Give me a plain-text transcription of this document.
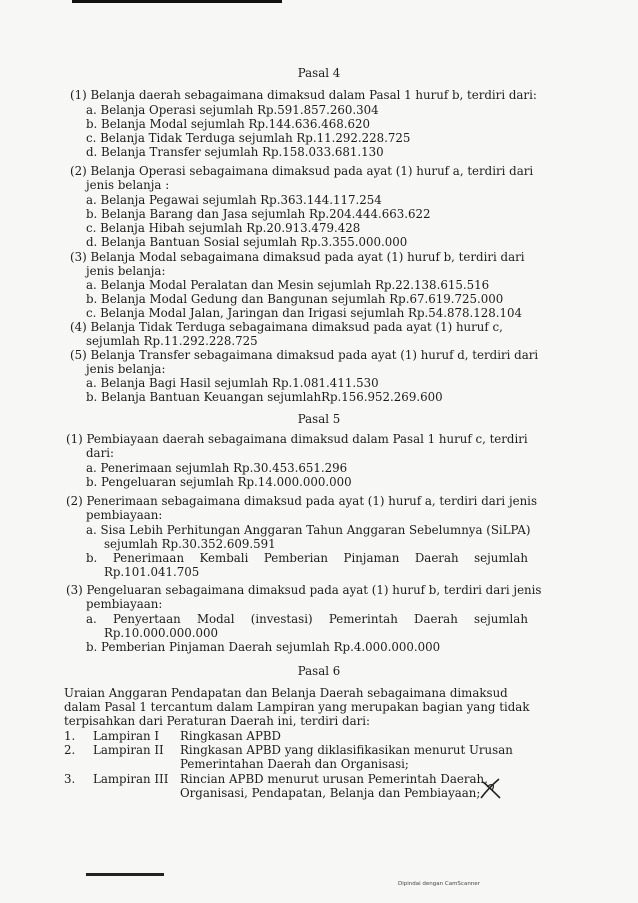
Pasal 4
(1) Belanja daerah sebagaimana dimaksud dalam Pasal 1 huruf b, terdiri dari:
a. Belanja Operasi sejumlah Rp.591.857.260.304
b. Belanja Modal sejumlah Rp.144.636.468.620
c. Belanja Tidak Terduga sejumlah Rp.11.292.228.725
d. Belanja Transfer sejumlah Rp.158.033.681.130
(2) Belanja Operasi sebagaimana dimaksud pada ayat (1) huruf a, terdiri dari
jenis belanja :
a. Belanja Pegawai sejumlah Rp.363.144.117.254
b. Belanja Barang dan Jasa sejumlah Rp.204.444.663.622
c. Belanja Hibah sejumlah Rp.20.913.479.428
d. Belanja Bantuan Sosial sejumlah Rp.3.355.000.000
(3) Belanja Modal sebagaimana dimaksud pada ayat (1) huruf b, terdiri dari
jenis belanja:
a. Belanja Modal Peralatan dan Mesin sejumlah Rp.22.138.615.516
b. Belanja Modal Gedung dan Bangunan sejumlah Rp.67.619.725.000
c. Belanja Modal Jalan, Jaringan dan Irigasi sejumlah Rp.54.878.128.104
(4) Belanja Tidak Terduga sebagaimana dimaksud pada ayat (1) huruf c,
sejumlah Rp.11.292.228.725
(5) Belanja Transfer sebagaimana dimaksud pada ayat (1) huruf d, terdiri dari
jenis belanja:
a. Belanja Bagi Hasil sejumlah Rp.1.081.411.530
b. Belanja Bantuan Keuangan sejumlahRp.156.952.269.600
Pasal 5
(1) Pembiayaan daerah sebagaimana dimaksud dalam Pasal 1 huruf c, terdiri
dari:
a. Penerimaan sejumlah Rp.30.453.651.296
b. Pengeluaran sejumlah Rp.14.000.000.000
(2) Penerimaan sebagaimana dimaksud pada ayat (1) huruf a, terdiri dari jenis
pembiayaan:
a. Sisa Lebih Perhitungan Anggaran Tahun Anggaran Sebelumnya (SiLPA)
sejumlah Rp.30.352.609.591
b. Penerimaan Kembali Pemberian Pinjaman Daerah sejumlah
Rp.101.041.705
(3) Pengeluaran sebagaimana dimaksud pada ayat (1) huruf b, terdiri dari jenis
pembiayaan:
a. Penyertaan Modal (investasi) Pemerintah Daerah sejumlah
Rp.10.000.000.000
b. Pemberian Pinjaman Daerah sejumlah Rp.4.000.000.000
Pasal 6
Uraian Anggaran Pendapatan dan Belanja Daerah sebagaimana dimaksud
dalam Pasal 1 tercantum dalam Lampiran yang merupakan bagian yang tidak
terpisahkan dari Peraturan Daerah ini, terdiri dari:
1. Lampiran I Ringkasan APBD
2. Lampiran II Ringkasan APBD yang diklasifikasikan menurut Urusan
Pemerintahan Daerah dan Organisasi;
3. Lampiran III Rincian APBD menurut urusan Pemerintah Daerah,
Organisasi, Pendapatan, Belanja dan Pembiayaan;
Dipindai dengan CamScanner
